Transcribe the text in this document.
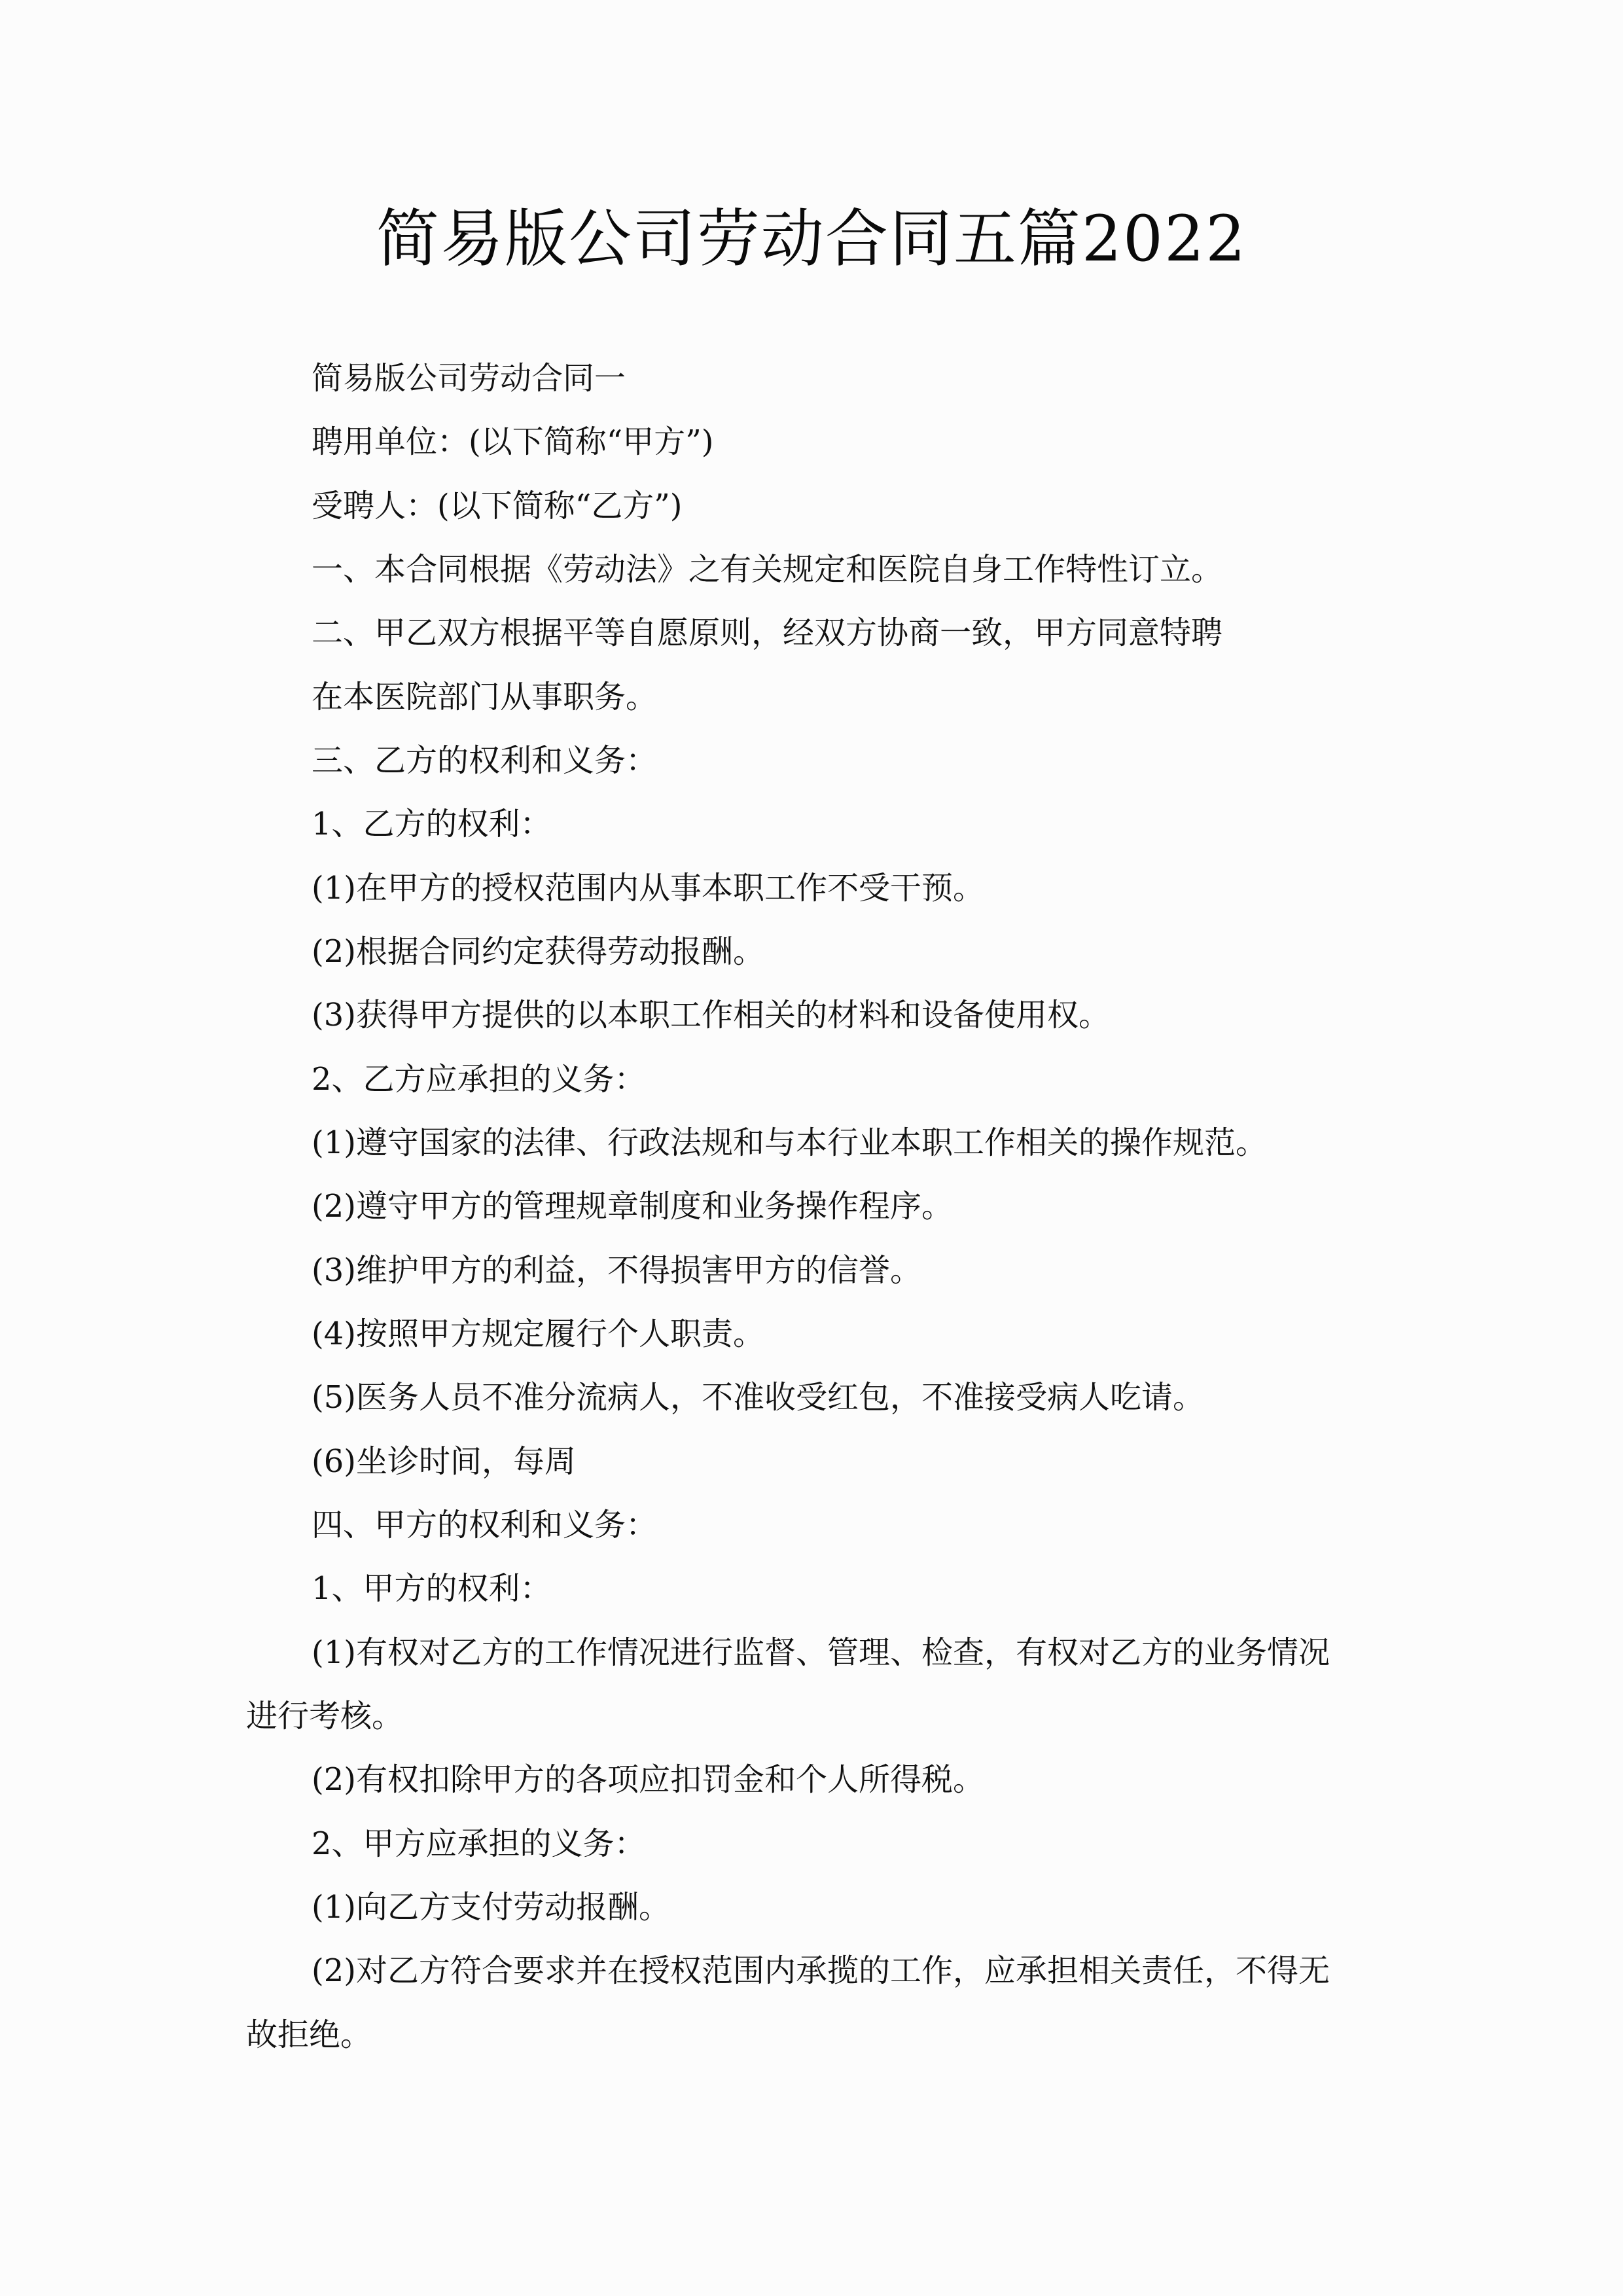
简易版公司劳动合同五篇2022
简易版公司劳动合同一
聘用单位：(以下简称“甲方”)
受聘人：(以下简称“乙方”)
一、本合同根据《劳动法》之有关规定和医院自身工作特性订立。
二、甲乙双方根据平等自愿原则，经双方协商一致，甲方同意特聘
在本医院部门从事职务。
三、乙方的权利和义务：
1、乙方的权利：
(1)在甲方的授权范围内从事本职工作不受干预。
(2)根据合同约定获得劳动报酬。
(3)获得甲方提供的以本职工作相关的材料和设备使用权。
2、乙方应承担的义务：
(1)遵守国家的法律、行政法规和与本行业本职工作相关的操作规范。
(2)遵守甲方的管理规章制度和业务操作程序。
(3)维护甲方的利益，不得损害甲方的信誉。
(4)按照甲方规定履行个人职责。
(5)医务人员不准分流病人，不准收受红包，不准接受病人吃请。
(6)坐诊时间，每周
四、甲方的权利和义务：
1、甲方的权利：
(1)有权对乙方的工作情况进行监督、管理、检查，有权对乙方的业务情况
进行考核。
(2)有权扣除甲方的各项应扣罚金和个人所得税。
2、甲方应承担的义务：
(1)向乙方支付劳动报酬。
(2)对乙方符合要求并在授权范围内承揽的工作，应承担相关责任，不得无
故拒绝。
